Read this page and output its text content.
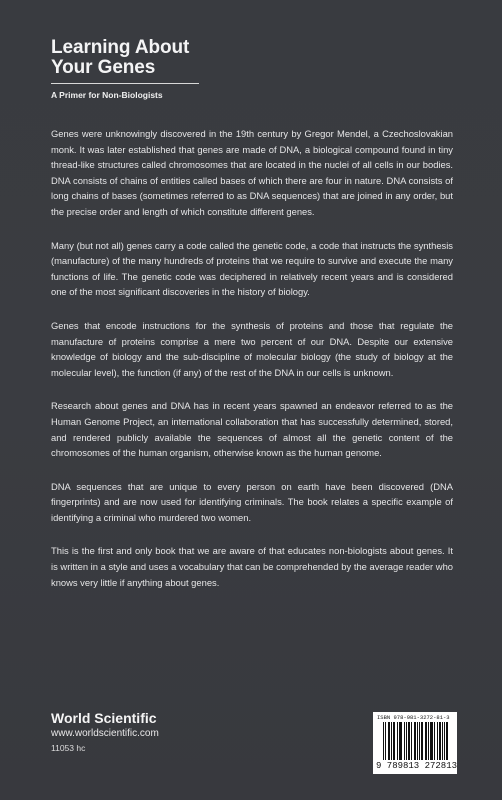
Learning About Your Genes
A Primer for Non-Biologists

Genes were unknowingly discovered in the 19th century by Gregor Mendel, a Czechoslovakian monk. It was later established that genes are made of DNA, a biological compound found in tiny thread-like structures called chromosomes that are located in the nuclei of all cells in our bodies. DNA consists of chains of entities called bases of which there are four in nature. DNA consists of long chains of bases (sometimes referred to as DNA sequences) that are joined in any order, but the precise order and length of which constitute different genes.

Many (but not all) genes carry a code called the genetic code, a code that instructs the synthesis (manufacture) of the many hundreds of proteins that we require to survive and execute the many functions of life. The genetic code was deciphered in relatively recent years and is considered one of the most significant discoveries in the history of biology.

Genes that encode instructions for the synthesis of proteins and those that regulate the manufacture of proteins comprise a mere two percent of our DNA. Despite our extensive knowledge of biology and the sub-discipline of molecular biology (the study of biology at the molecular level), the function (if any) of the rest of the DNA in our cells is unknown.

Research about genes and DNA has in recent years spawned an endeavor referred to as the Human Genome Project, an international collaboration that has successfully determined, stored, and rendered publicly available the sequences of almost all the genetic content of the chromosomes of the human organism, otherwise known as the human genome.

DNA sequences that are unique to every person on earth have been discovered (DNA fingerprints) and are now used for identifying criminals. The book relates a specific example of identifying a criminal who murdered two women.

This is the first and only book that we are aware of that educates non-biologists about genes. It is written in a style and uses a vocabulary that can be comprehended by the average reader who knows very little if anything about genes.

World Scientific
www.worldscientific.com
11053 hc
ISBN 978-981-3272-81-3
9 789813 272813
